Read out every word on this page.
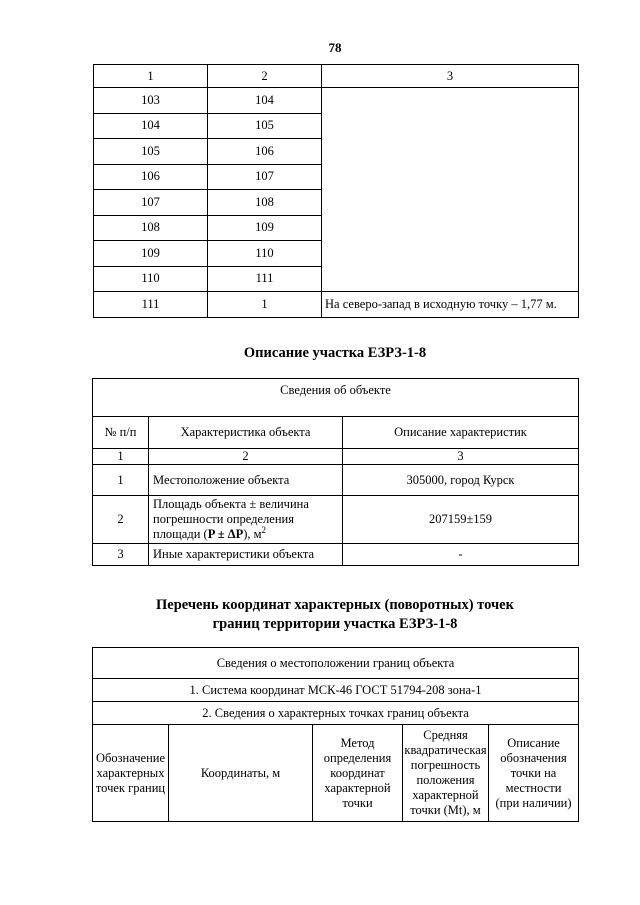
78
1	2	3
103	104	
104	105	
105	106	
106	107	
107	108	
108	109	
109	110	
110	111	
111	1	На северо-запад в исходную точку – 1,77 м.
Описание участка ЕЗРЗ-1-8
Сведения об объекте		
№ п/п	Характеристика объекта	Описание характеристик
1	2	3
1	Местоположение объекта	305000, город Курск
2	Площадь объекта ± величина
погрешности определения
площади (P ± ΔP), $м^2$	207159±159
3	Иные характеристики объекта	-
Перечень координат характерных (поворотных) точек
границ территории участка ЕЗРЗ-1-8
Сведения о местоположении границ объекта
1. Система координат МСК-46 ГОСТ 51794-208 зона-1
2. Сведения о характерных точках границ объекта
Обозначение
характерных
точек границ	Координаты, м	Метод
определения
координат
характерной
точки	Средняя
квадратическая
погрешность
положения
характерной
точки (Mt), м	Описание
обозначения
точки на
местности
(при наличии)
